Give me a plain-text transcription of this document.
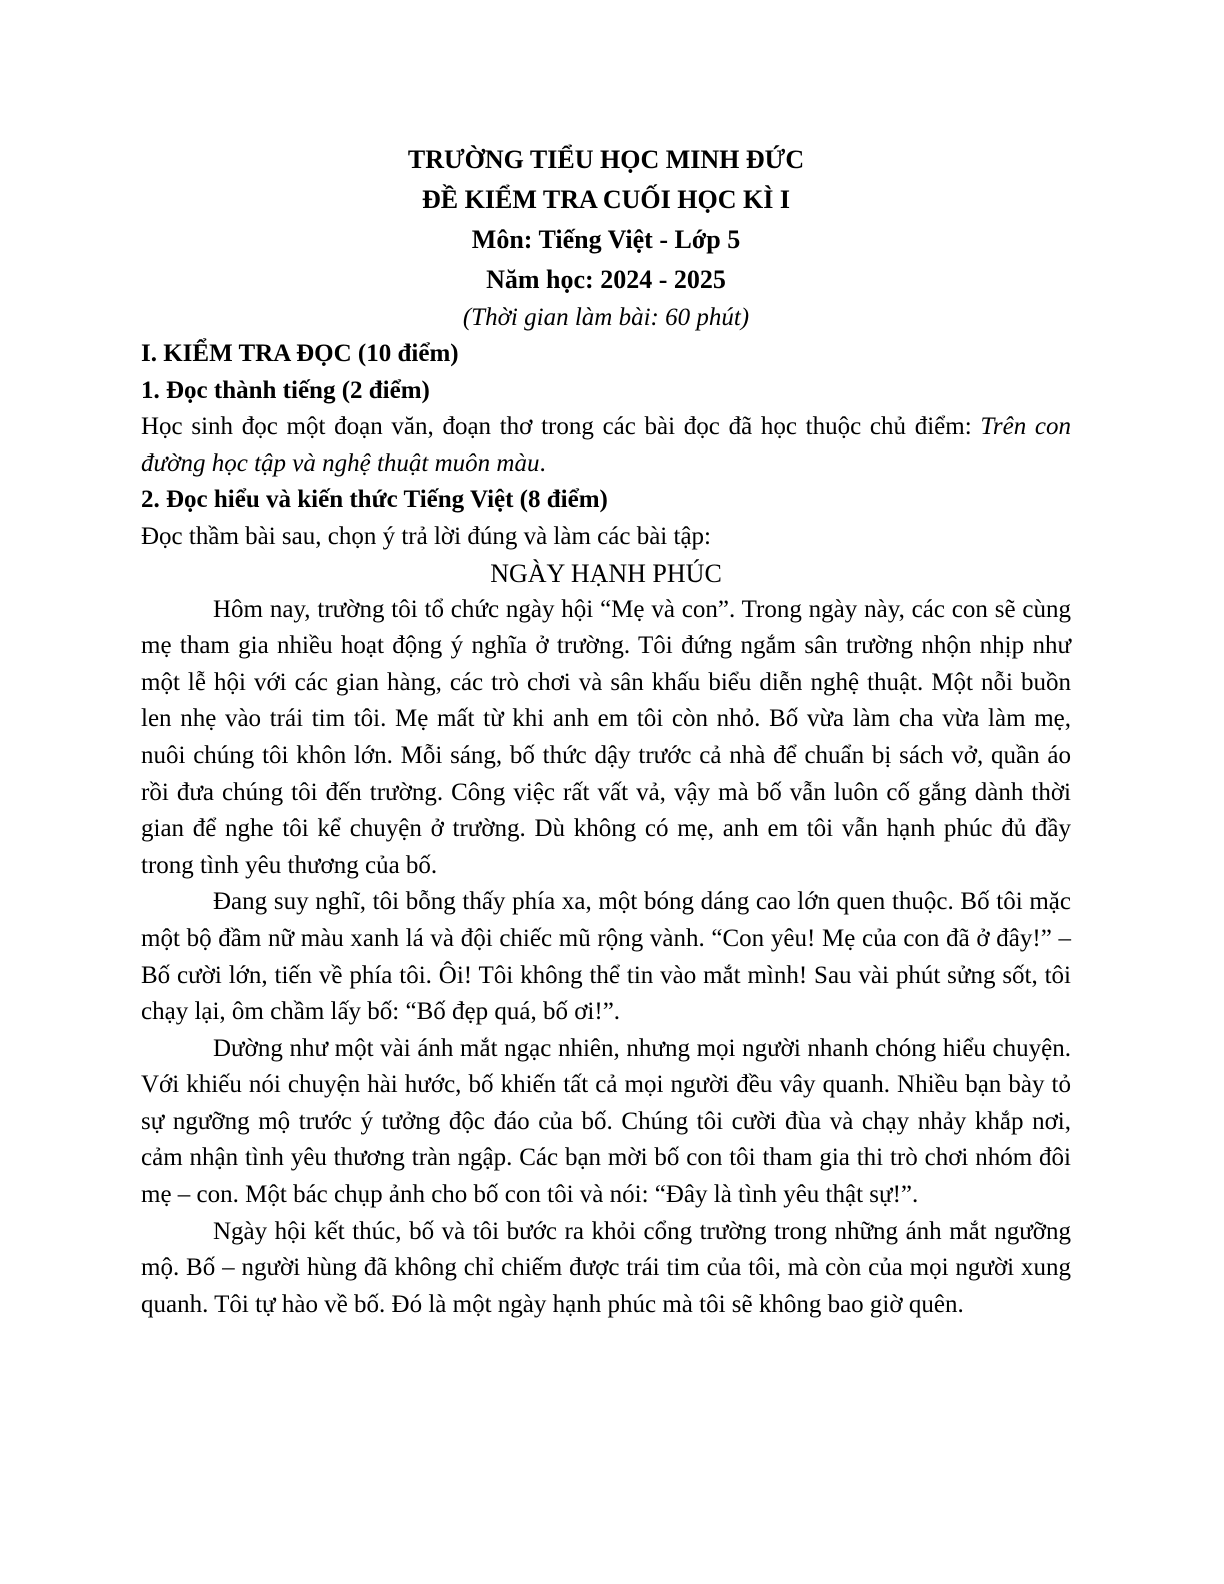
TRƯỜNG TIỂU HỌC MINH ĐỨC

ĐỀ KIỂM TRA CUỐI HỌC KÌ I

Môn: Tiếng Việt - Lớp 5

Năm học: 2024 - 2025

(Thời gian làm bài: 60 phút)

I. KIỂM TRA ĐỌC (10 điểm)

1. Đọc thành tiếng (2 điểm)

Học sinh đọc một đoạn văn, đoạn thơ trong các bài đọc đã học thuộc chủ điểm: Trên con đường học tập và nghệ thuật muôn màu.

2. Đọc hiểu và kiến thức Tiếng Việt (8 điểm)

Đọc thầm bài sau, chọn ý trả lời đúng và làm các bài tập:

NGÀY HẠNH PHÚC

Hôm nay, trường tôi tổ chức ngày hội “Mẹ và con”. Trong ngày này, các con sẽ cùng mẹ tham gia nhiều hoạt động ý nghĩa ở trường. Tôi đứng ngắm sân trường nhộn nhịp như một lễ hội với các gian hàng, các trò chơi và sân khấu biểu diễn nghệ thuật. Một nỗi buồn len nhẹ vào trái tim tôi. Mẹ mất từ khi anh em tôi còn nhỏ. Bố vừa làm cha vừa làm mẹ, nuôi chúng tôi khôn lớn. Mỗi sáng, bố thức dậy trước cả nhà để chuẩn bị sách vở, quần áo rồi đưa chúng tôi đến trường. Công việc rất vất vả, vậy mà bố vẫn luôn cố gắng dành thời gian để nghe tôi kể chuyện ở trường. Dù không có mẹ, anh em tôi vẫn hạnh phúc đủ đầy trong tình yêu thương của bố.

Đang suy nghĩ, tôi bỗng thấy phía xa, một bóng dáng cao lớn quen thuộc. Bố tôi mặc một bộ đầm nữ màu xanh lá và đội chiếc mũ rộng vành. “Con yêu! Mẹ của con đã ở đây!” – Bố cười lớn, tiến về phía tôi. Ôi! Tôi không thể tin vào mắt mình! Sau vài phút sửng sốt, tôi chạy lại, ôm chầm lấy bố: “Bố đẹp quá, bố ơi!”.

Dường như một vài ánh mắt ngạc nhiên, nhưng mọi người nhanh chóng hiểu chuyện. Với khiếu nói chuyện hài hước, bố khiến tất cả mọi người đều vây quanh. Nhiều bạn bày tỏ sự ngưỡng mộ trước ý tưởng độc đáo của bố. Chúng tôi cười đùa và chạy nhảy khắp nơi, cảm nhận tình yêu thương tràn ngập. Các bạn mời bố con tôi tham gia thi trò chơi nhóm đôi mẹ – con. Một bác chụp ảnh cho bố con tôi và nói: “Đây là tình yêu thật sự!”.

Ngày hội kết thúc, bố và tôi bước ra khỏi cổng trường trong những ánh mắt ngưỡng mộ. Bố – người hùng đã không chỉ chiếm được trái tim của tôi, mà còn của mọi người xung quanh. Tôi tự hào về bố. Đó là một ngày hạnh phúc mà tôi sẽ không bao giờ quên.
